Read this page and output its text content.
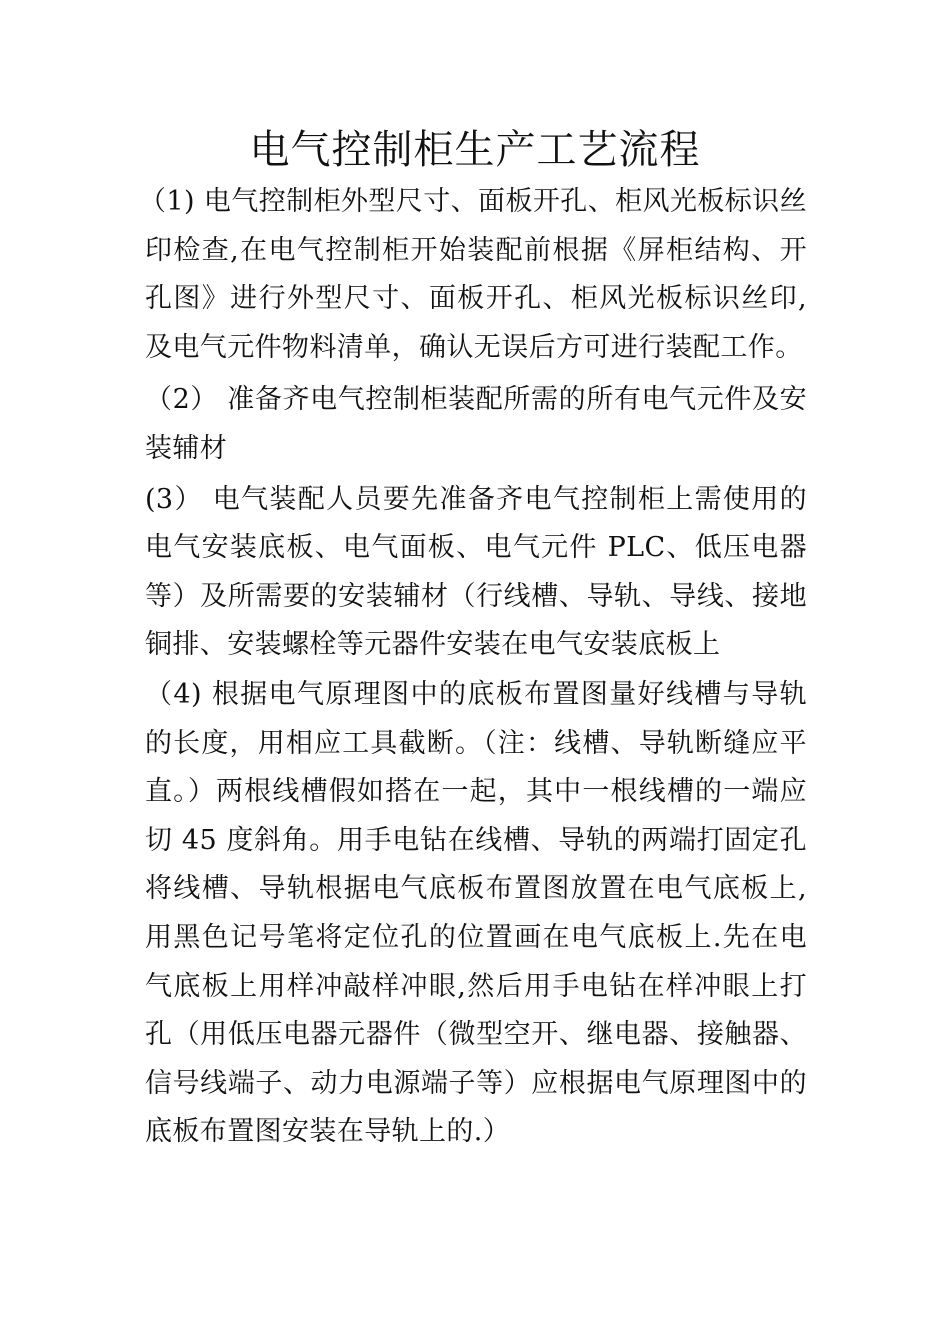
电气控制柜生产工艺流程

（1) 电气控制柜外型尺寸、面板开孔、柜风光板标识丝印检查,在电气控制柜开始装配前根据《屏柜结构、开孔图》进行外型尺寸、面板开孔、柜风光板标识丝印,及电气元件物料清单，确认无误后方可进行装配工作。

（2） 准备齐电气控制柜装配所需的所有电气元件及安装辅材

(3） 电气装配人员要先准备齐电气控制柜上需使用的电气安装底板、电气面板、电气元件 PLC、低压电器等）及所需要的安装辅材（行线槽、导轨、导线、接地铜排、安装螺栓等元器件安装在电气安装底板上

（4) 根据电气原理图中的底板布置图量好线槽与导轨的长度，用相应工具截断。（注：线槽、导轨断缝应平直。）两根线槽假如搭在一起，其中一根线槽的一端应切 45 度斜角。用手电钻在线槽、导轨的两端打固定孔将线槽、导轨根据电气底板布置图放置在电气底板上,用黑色记号笔将定位孔的位置画在电气底板上.先在电气底板上用样冲敲样冲眼,然后用手电钻在样冲眼上打孔（用低压电器元器件（微型空开、继电器、接触器、信号线端子、动力电源端子等）应根据电气原理图中的底板布置图安装在导轨上的.）
